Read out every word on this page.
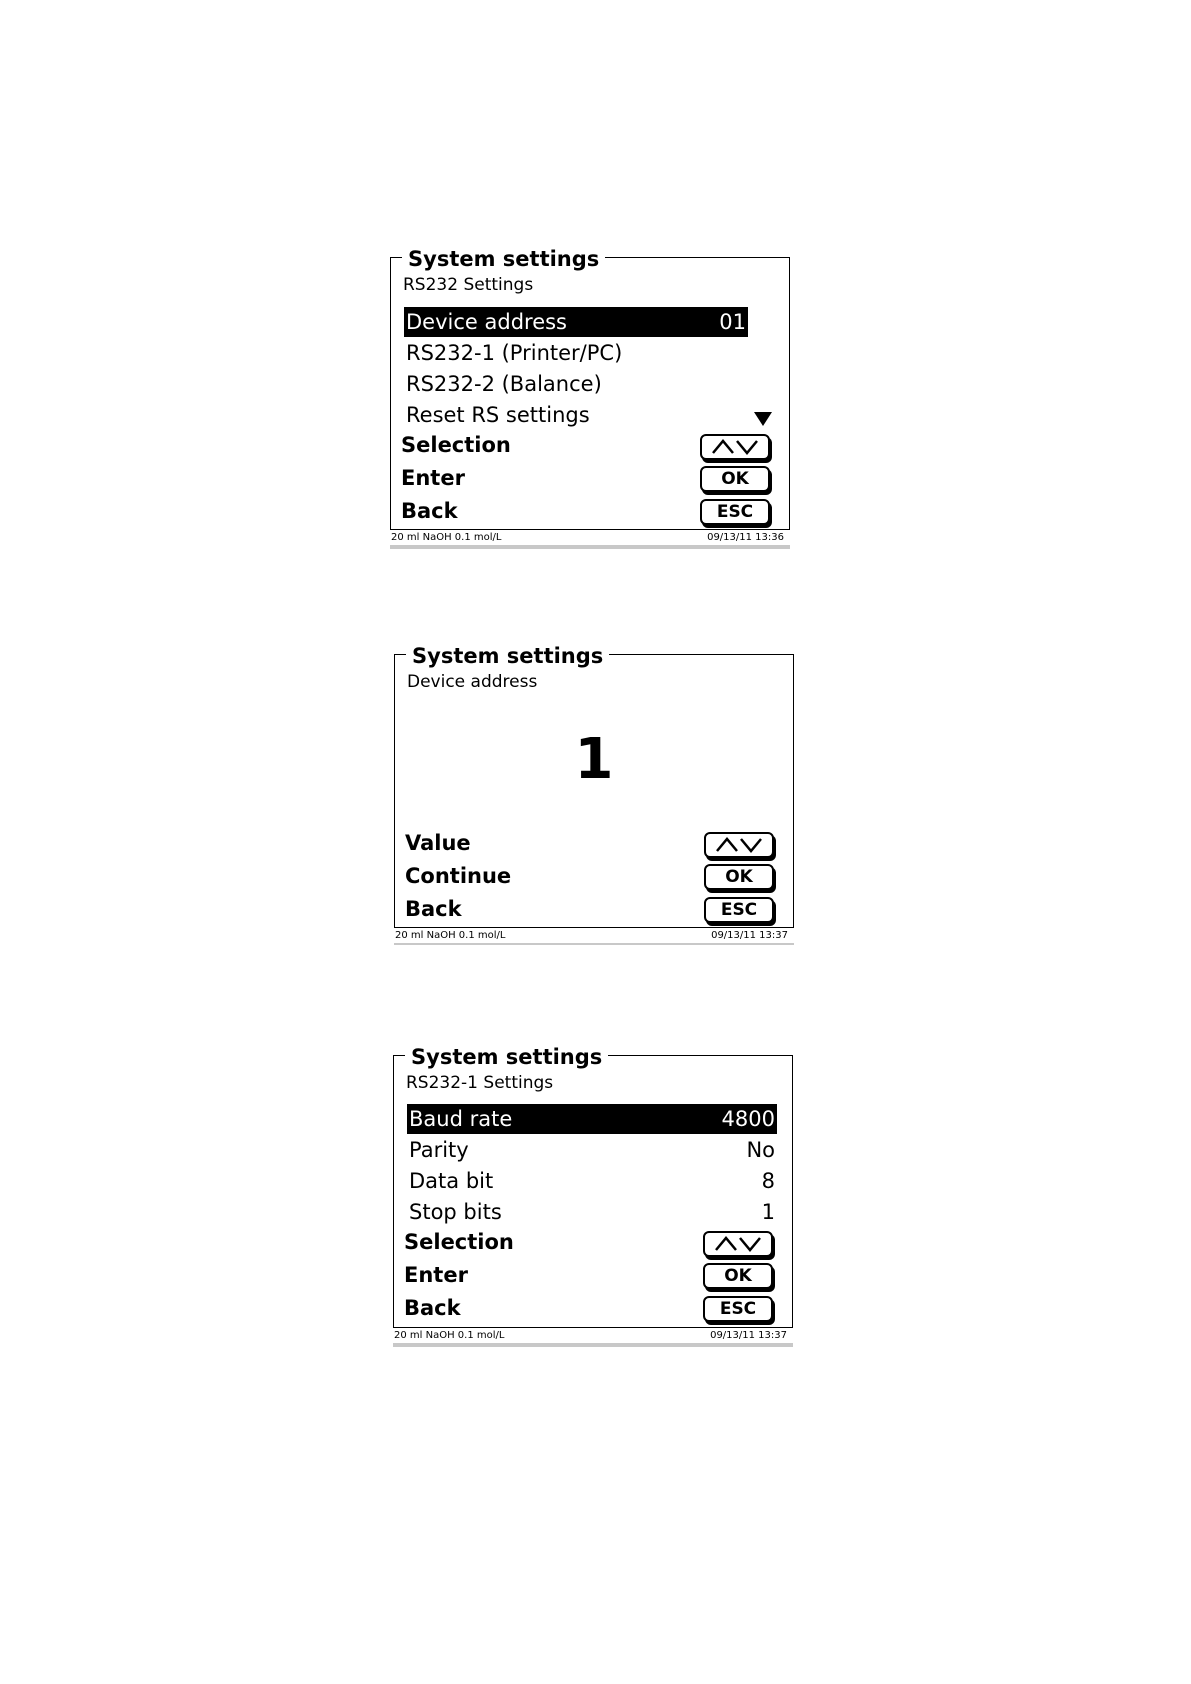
System settings
RS232 Settings
Device address	01
RS232-1 (Printer/PC)
RS232-2 (Balance)
Reset RS settings
Selection
Enter	OK
Back	ESC
20 ml NaOH 0.1 mol/L	09/13/11 13:36
System settings
Device address
1
Value
Continue	OK
Back	ESC
20 ml NaOH 0.1 mol/L	09/13/11 13:37
System settings
RS232-1 Settings
Baud rate	4800
Parity	No
Data bit	8
Stop bits	1
Selection
Enter	OK
Back	ESC
20 ml NaOH 0.1 mol/L	09/13/11 13:37
